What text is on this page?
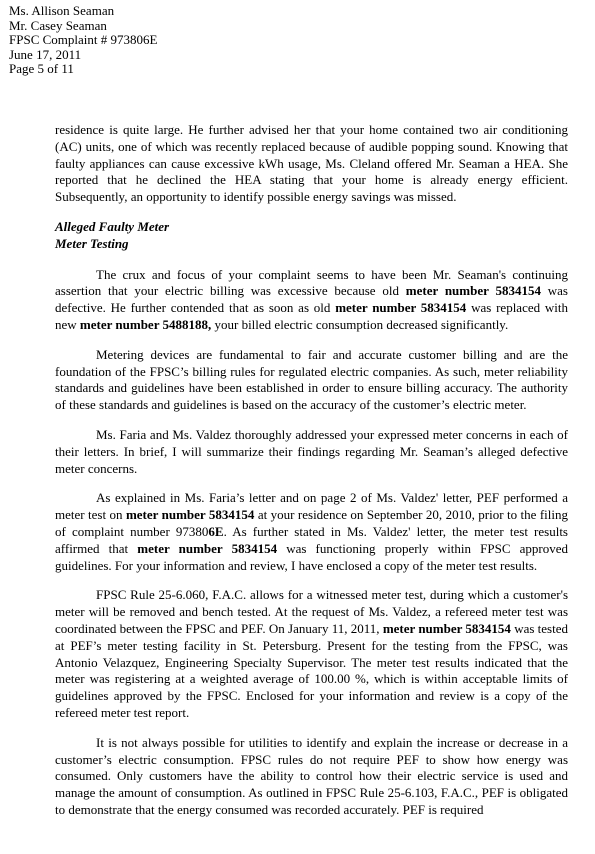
Ms. Allison Seaman
Mr. Casey Seaman
FPSC Complaint # 973806E
June 17, 2011
Page 5 of 11

residence is quite large. He further advised her that your home contained two air conditioning (AC) units, one of which was recently replaced because of audible popping sound. Knowing that faulty appliances can cause excessive kWh usage, Ms. Cleland offered Mr. Seaman a HEA. She reported that he declined the HEA stating that your home is already energy efficient. Subsequently, an opportunity to identify possible energy savings was missed.

Alleged Faulty Meter

Meter Testing

The crux and focus of your complaint seems to have been Mr. Seaman's continuing assertion that your electric billing was excessive because old meter number 5834154 was defective. He further contended that as soon as old meter number 5834154 was replaced with new meter number 5488188, your billed electric consumption decreased significantly.

Metering devices are fundamental to fair and accurate customer billing and are the foundation of the FPSC’s billing rules for regulated electric companies. As such, meter reliability standards and guidelines have been established in order to ensure billing accuracy. The authority of these standards and guidelines is based on the accuracy of the customer’s electric meter.

Ms. Faria and Ms. Valdez thoroughly addressed your expressed meter concerns in each of their letters. In brief, I will summarize their findings regarding Mr. Seaman’s alleged defective meter concerns.

As explained in Ms. Faria’s letter and on page 2 of Ms. Valdez' letter, PEF performed a meter test on meter number 5834154 at your residence on September 20, 2010, prior to the filing of complaint number 973806E. As further stated in Ms. Valdez' letter, the meter test results affirmed that meter number 5834154 was functioning properly within FPSC approved guidelines. For your information and review, I have enclosed a copy of the meter test results.

FPSC Rule 25-6.060, F.A.C. allows for a witnessed meter test, during which a customer's meter will be removed and bench tested. At the request of Ms. Valdez, a refereed meter test was coordinated between the FPSC and PEF. On January 11, 2011, meter number 5834154 was tested at PEF’s meter testing facility in St. Petersburg. Present for the testing from the FPSC, was Antonio Velazquez, Engineering Specialty Supervisor. The meter test results indicated that the meter was registering at a weighted average of 100.00 %, which is within acceptable limits of guidelines approved by the FPSC. Enclosed for your information and review is a copy of the refereed meter test report.

It is not always possible for utilities to identify and explain the increase or decrease in a customer’s electric consumption. FPSC rules do not require PEF to show how energy was consumed. Only customers have the ability to control how their electric service is used and manage the amount of consumption. As outlined in FPSC Rule 25-6.103, F.A.C., PEF is obligated to demonstrate that the energy consumed was recorded accurately. PEF is required
